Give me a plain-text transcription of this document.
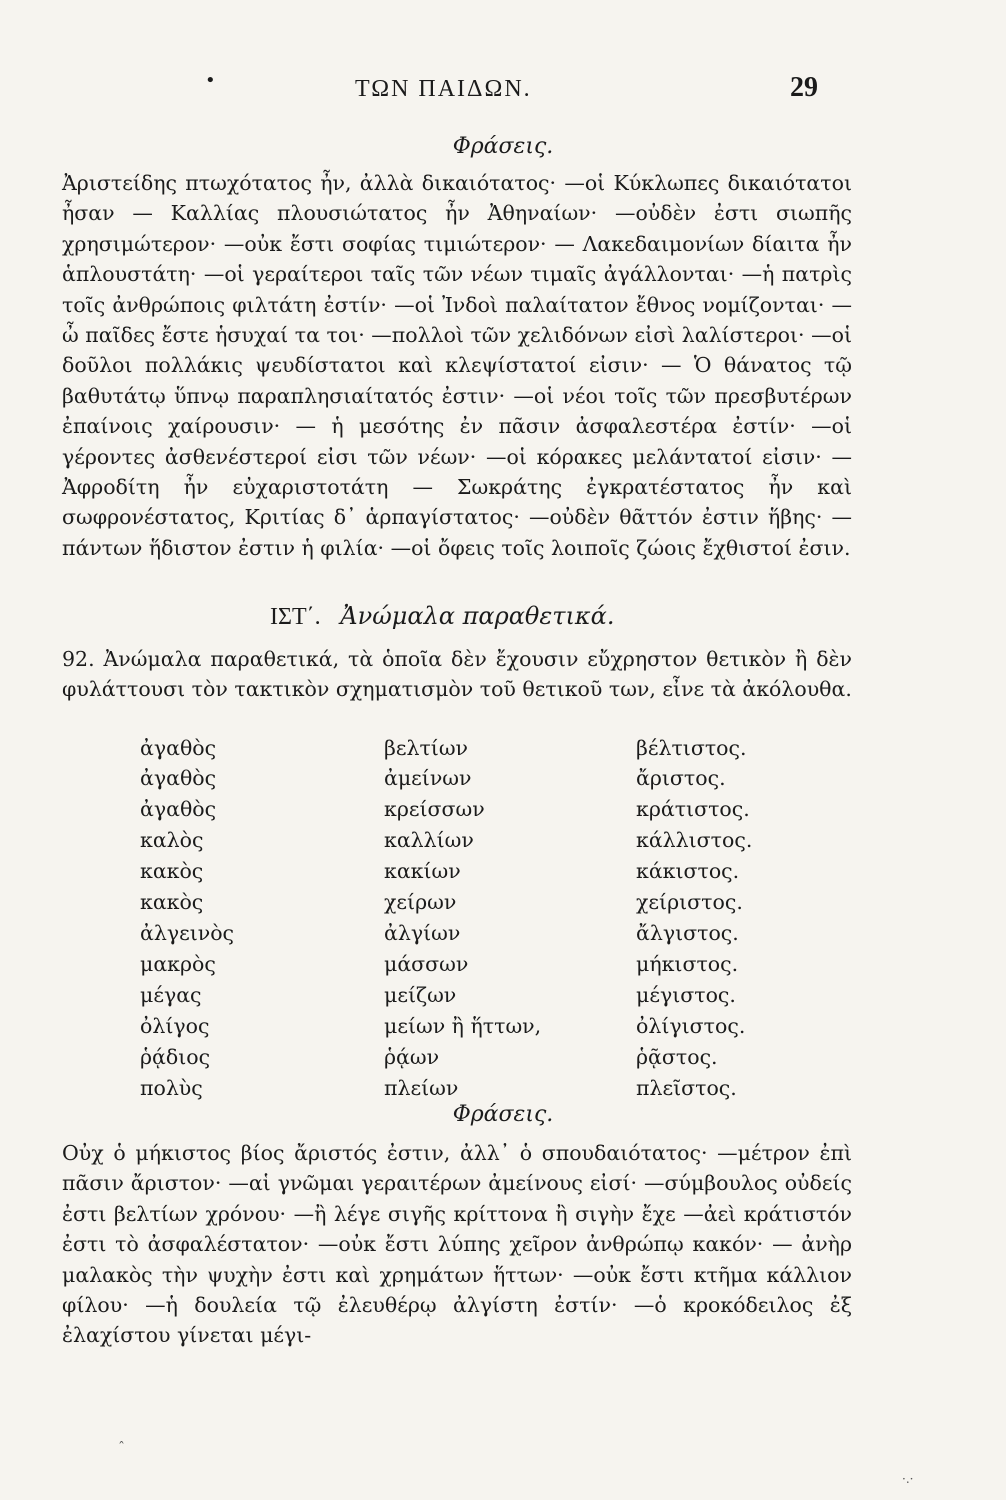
•	ΤΩΝ ΠΑΙΔΩΝ.	29
Φράσεις.

Ἀριστείδης πτωχότατος ἦν, ἀλλὰ δικαιότατος· —οἱ Κύκλωπες δικαιότατοι ἦσαν — Καλλίας πλουσιώτατος ἦν Ἀθηναίων· —οὐδὲν ἐστι σιωπῆς χρησιμώτερον· —οὐκ ἔστι σοφίας τιμιώτερον· — Λακεδαιμονίων δίαιτα ἦν ἁπλουστάτη· —οἱ γεραίτεροι ταῖς τῶν νέων τιμαῖς ἀγάλλονται· —ἡ πατρὶς τοῖς ἀνθρώποις φιλτάτη ἐστίν· —οἱ Ἰνδοὶ παλαίτατον ἔθνος νομίζονται· —ὦ παῖδες ἔστε ἡσυχαί τα τοι· —πολλοὶ τῶν χελιδόνων εἰσὶ λαλίστεροι· —οἱ δοῦλοι πολλάκις ψευδίστατοι καὶ κλεψίστατοί εἰσιν· — Ὁ θάνατος τῷ βαθυτάτῳ ὕπνῳ παραπλησιαίτατός ἐστιν· —οἱ νέοι τοῖς τῶν πρεσβυτέρων ἐπαίνοις χαίρουσιν· — ἡ μεσότης ἐν πᾶσιν ἀσφαλεστέρα ἐστίν· —οἱ γέροντες ἀσθενέστεροί εἰσι τῶν νέων· —οἱ κόρακες μελάντατοί εἰσιν· —Ἀφροδίτη ἦν εὐχαριστοτάτη — Σωκράτης ἐγκρατέστατος ἦν καὶ σωφρονέστατος, Κριτίας δ᾽ ἁρπαγίστατος· —οὐδὲν θᾶττόν ἐστιν ἥβης· —πάντων ἥδιστον ἐστιν ἡ φιλία· —οἱ ὄφεις τοῖς λοιποῖς ζώοις ἔχθιστοί ἐσιν.

ΙΣΤ΄. Ἀνώμαλα παραθετικά.

92. Ἀνώμαλα παραθετικά, τὰ ὁποῖα δὲν ἔχουσιν εὔχρηστον θετικὸν ἢ δὲν φυλάττουσι τὸν τακτικὸν σχηματισμὸν τοῦ θετικοῦ των, εἶνε τὰ ἀκόλουθα.

ἀγαθὸς	βελτίων	βέλτιστος.
ἀγαθὸς	ἀμείνων	ἄριστος.
ἀγαθὸς	κρείσσων	κράτιστος.
καλὸς	καλλίων	κάλλιστος.
κακὸς	κακίων	κάκιστος.
κακὸς	χείρων	χείριστος.
ἀλγεινὸς	ἀλγίων	ἄλγιστος.
μακρὸς	μάσσων	μήκιστος.
μέγας	μείζων	μέγιστος.
ὀλίγος	μείων ἢ ἥττων,	ὀλίγιστος.
ῥᾴδιος	ῥᾴων	ῥᾷστος.
πολὺς	πλείων	πλεῖστος.
Φράσεις.

Οὐχ ὁ μήκιστος βίος ἄριστός ἐστιν, ἀλλ᾽ ὁ σπουδαιότατος· —μέτρον ἐπὶ πᾶσιν ἄριστον· —αἱ γνῶμαι γεραιτέρων ἀμείνους εἰσί· —σύμβουλος οὐδείς ἐστι βελτίων χρόνου· —ἢ λέγε σιγῆς κρίττονα ἢ σιγὴν ἔχε —ἀεὶ κράτιστόν ἐστι τὸ ἀσφαλέστατον· —οὐκ ἔστι λύπης χεῖρον ἀνθρώπῳ κακόν· — ἀνὴρ μαλακὸς τὴν ψυχὴν ἐστι καὶ χρημάτων ἥττων· —οὐκ ἔστι κτῆμα κάλλιον φίλου· —ἡ δουλεία τῷ ἐλευθέρῳ ἀλγίστη ἐστίν· —ὁ κροκόδειλος ἐξ ἐλαχίστου γίνεται μέγι-

ˆ
·.·
